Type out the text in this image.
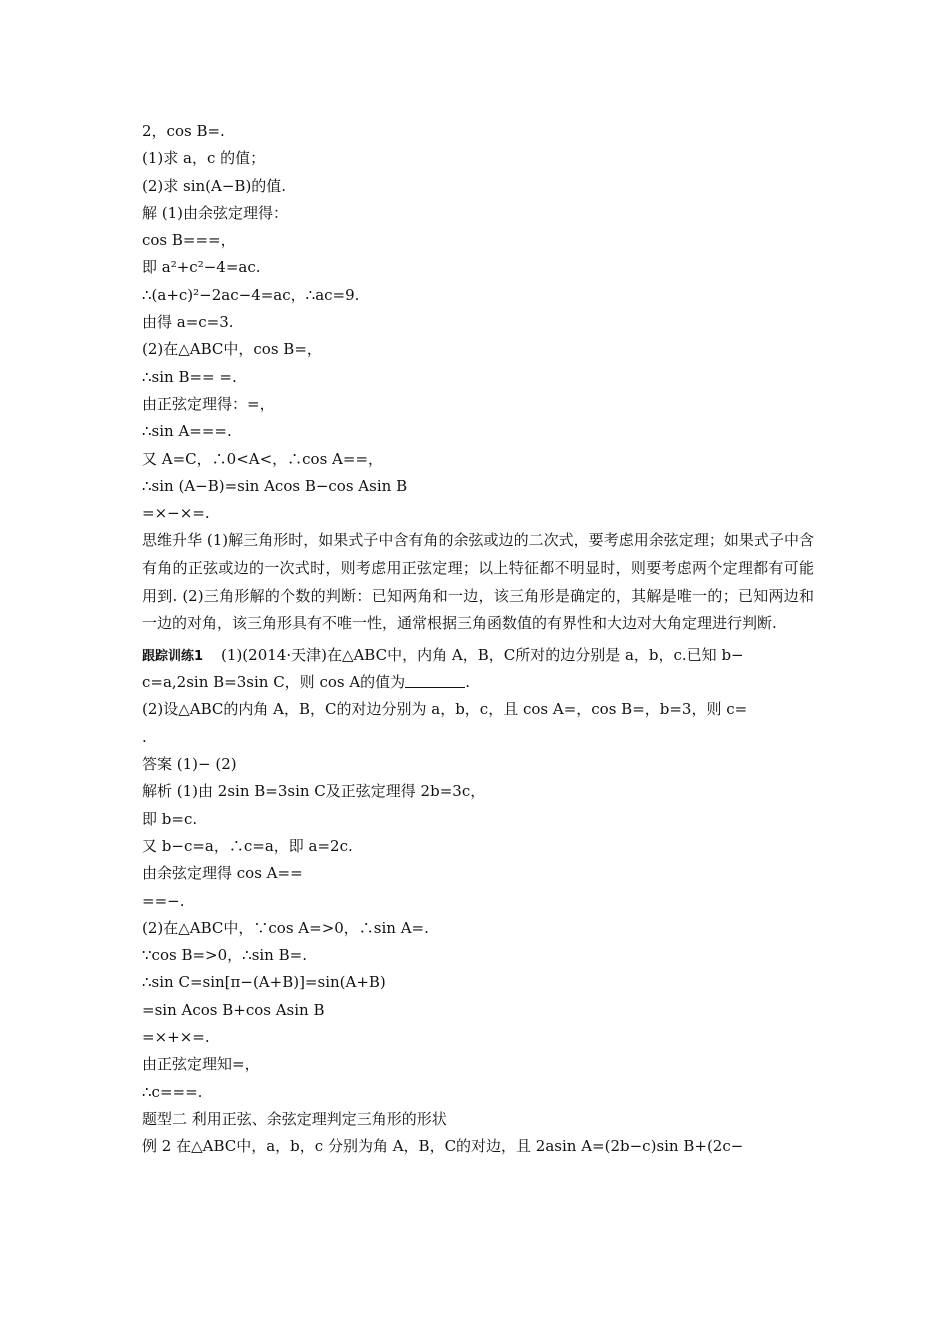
2，cos B=.
(1)求 a，c 的值；
(2)求 sin(A−B)的值.
解 (1)由余弦定理得：
cos B===，
即 a²+c²−4=ac.
∴(a+c)²−2ac−4=ac，∴ac=9.
由得 a=c=3.
(2)在△ABC中，cos B=，
∴sin B== =.
由正弦定理得：=，
∴sin A===.
又 A=C，∴0<A<，∴cos A==，
∴sin (A−B)=sin Acos B−cos Asin B
=×−×=.
思维升华 (1)解三角形时，如果式子中含有角的余弦或边的二次式，要考虑用余弦定理；如果式子中含有角的正弦或边的一次式时，则考虑用正弦定理；以上特征都不明显时，则要考虑两个定理都有可能用到. (2)三角形解的个数的判断：已知两角和一边，该三角形是确定的，其解是唯一的；已知两边和一边的对角，该三角形具有不唯一性，通常根据三角函数值的有界性和大边对大角定理进行判断.
跟踪训练1 (1)(2014·天津)在△ABC中，内角 A，B，C所对的边分别是 a，b，c.已知 b−
c=a,2sin B=3sin C，则 cos A的值为	.
(2)设△ABC的内角 A，B，C的对边分别为 a，b，c，且 cos A=，cos B=，b=3，则 c=
.
答案 (1)− (2)
解析 (1)由 2sin B=3sin C及正弦定理得 2b=3c，
即 b=c.
又 b−c=a，∴c=a，即 a=2c.
由余弦定理得 cos A==
==−.
(2)在△ABC中，∵cos A=>0，∴sin A=.
∵cos B=>0，∴sin B=.
∴sin C=sin[π−(A+B)]=sin(A+B)
=sin Acos B+cos Asin B
=×+×=.
由正弦定理知=，
∴c===.
题型二 利用正弦、余弦定理判定三角形的形状
例 2 在△ABC中，a，b，c 分别为角 A，B，C的对边，且 2asin A=(2b−c)sin B+(2c−
